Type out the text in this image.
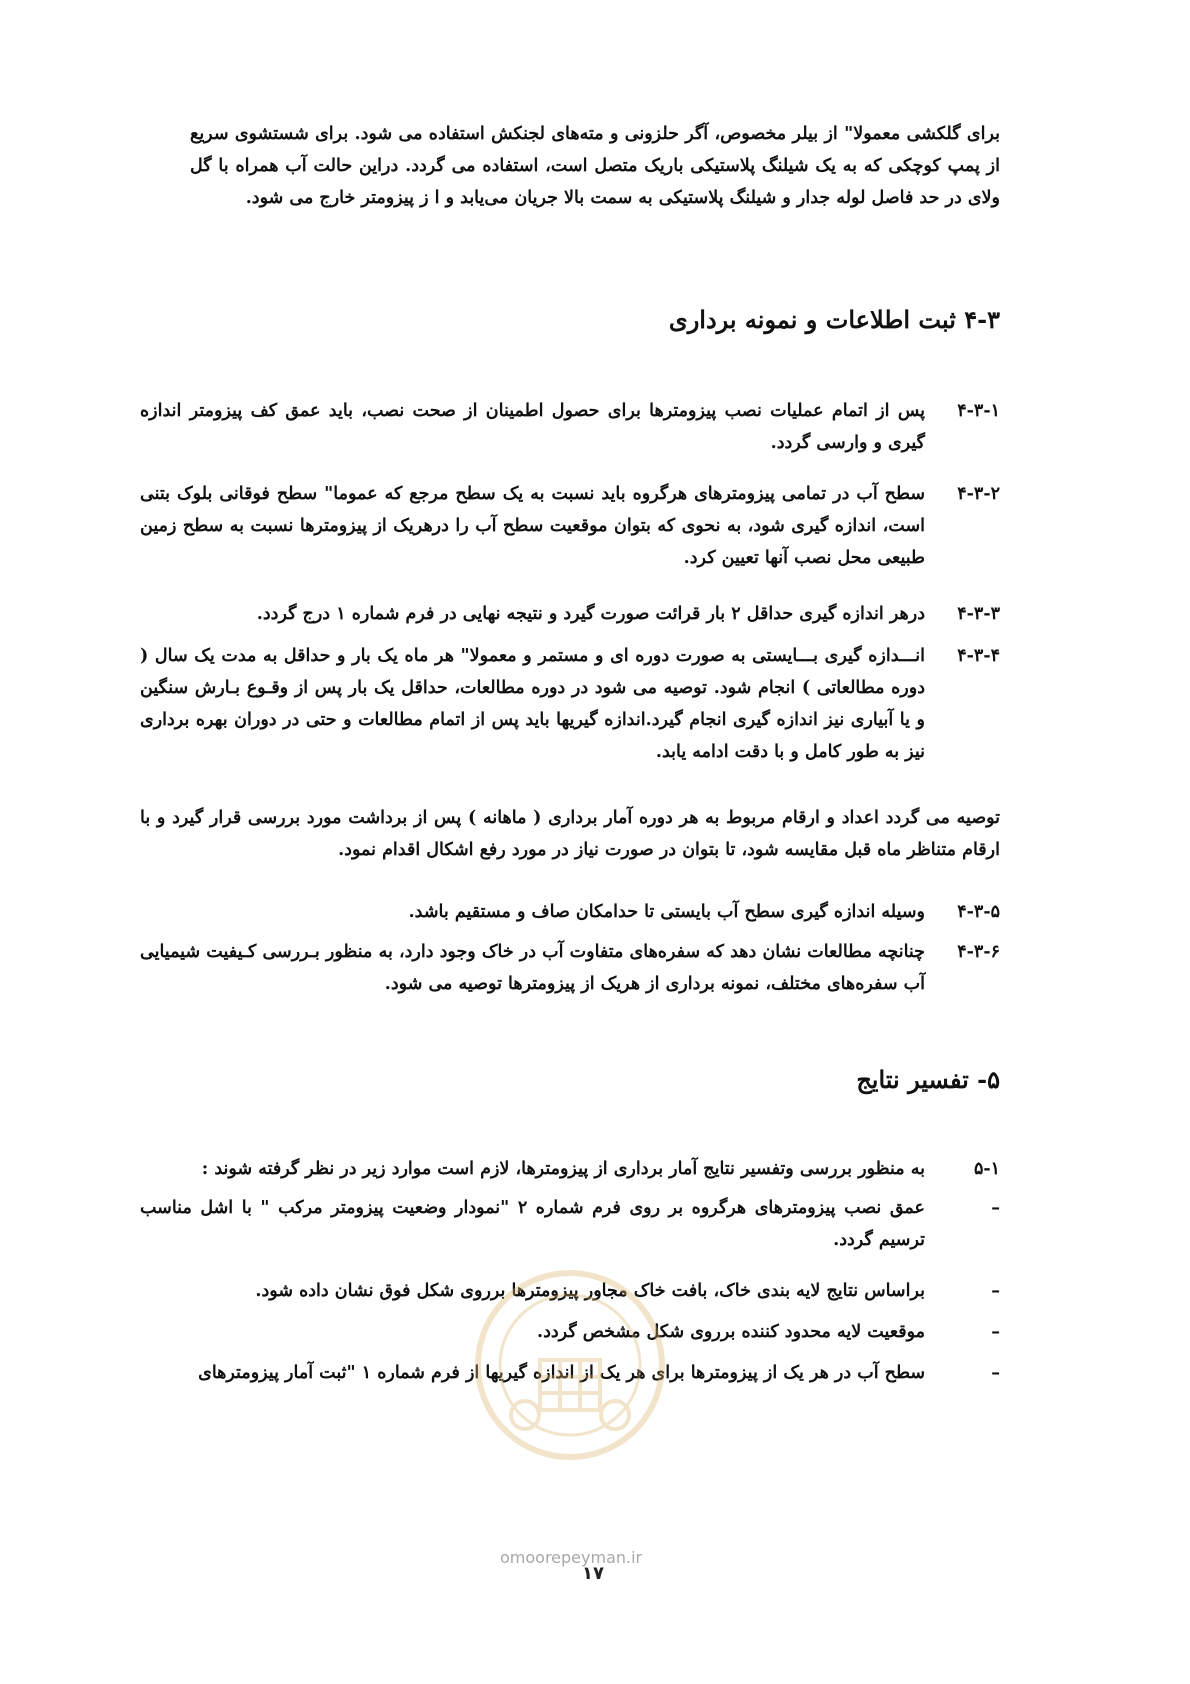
برای گلکشی معمولا" از بیلر مخصوص، آگر حلزونی و مته‌های لجنکش استفاده می شود. برای شستشوی سریع از پمپ کوچکی که به یک شیلنگ پلاستیکی باریک متصل است، استفاده می گردد. دراین حالت آب همراه با گل ولای در حد فاصل لوله جدار و شیلنگ پلاستیکی به سمت بالا جریان می‌یابد و ا ز پیزومتر خارج می شود.

۴-۳ ثبت اطلاعات و نمونه برداری
۴-۳-۱
پس از اتمام عملیات نصب پیزومترها برای حصول اطمینان از صحت نصب، باید عمق کف پیزومتر اندازه گیری و وارسی گردد.
۴-۳-۲
سطح آب در تمامی پیزومترهای هرگروه باید نسبت به یک سطح مرجع که عموما" سطح فوقانی بلوک بتنی است، اندازه گیری شود، به نحوی که بتوان موقعیت سطح آب را درهریک از پیزومترها نسبت به سطح زمین طبیعی محل نصب آنها تعیین کرد.
۴-۳-۳
درهر اندازه گیری حداقل ۲ بار قرائت صورت گیرد و نتیجه نهایی در فرم شماره ۱ درج گردد.
۴-۳-۴
انـــدازه گیری بـــایستی به صورت دوره ای و مستمر و معمولا" هر ماه یک بار و حداقل به مدت یک سال ( دوره مطالعاتی ) انجام شود. توصیه می شود در دوره مطالعات، حداقل یک بار پس از وقـوع بـارش سنگین و یا آبیاری نیز اندازه گیری انجام گیرد.اندازه گیریها باید پس از اتمام مطالعات و حتی در دوران بهره برداری نیز به طور کامل و با دقت ادامه یابد.
توصیه می گردد اعداد و ارقام مربوط به هر دوره آمار برداری ( ماهانه ) پس از برداشت مورد بررسی قرار گیرد و با ارقام متناظر ماه قبل مقایسه شود، تا بتوان در صورت نیاز در مورد رفع اشکال اقدام نمود.
۴-۳-۵
وسیله اندازه گیری سطح آب بایستی تا حدامکان صاف و مستقیم باشد.
۴-۳-۶
چنانچه مطالعات نشان دهد که سفره‌های متفاوت آب در خاک وجود دارد، به منظور بـررسی کـیفیت شیمیایی آب سفره‌های مختلف، نمونه برداری از هریک از پیزومترها توصیه می شود.
۵- تفسیر نتایج
۵-۱
به منظور بررسی وتفسیر نتایج آمار برداری از پیزومترها، لازم است موارد زیر در نظر گرفته شوند :
–
عمق نصب پیزومترهای هرگروه بر روی فرم شماره ۲ "نمودار وضعیت پیزومتر مرکب " با اشل مناسب ترسیم گردد.
–
براساس نتایج لایه بندی خاک، بافت خاک مجاور پیزومترها برروی شکل فوق نشان داده شود.
–
موقعیت لایه محدود کننده برروی شکل مشخص گردد.
–
سطح آب در هر یک از پیزومترها برای هر یک از اندازه گیریها از فرم شماره ۱ "ثبت آمار پیزومترهای
omoorepeyman.ir
۱۷
